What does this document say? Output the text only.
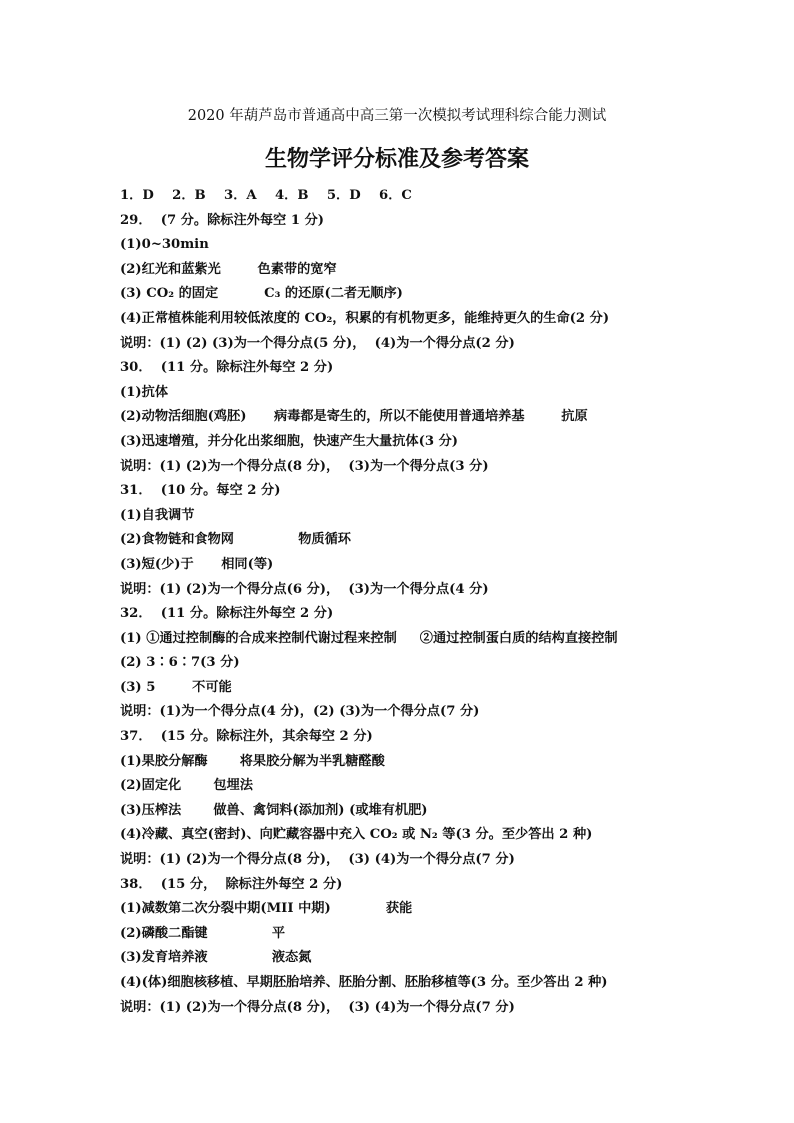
2020 年葫芦岛市普通高中高三第一次模拟考试理科综合能力测试
生物学评分标准及参考答案
1．D    2．B    3．A    4．B    5．D    6．C
29．  (7 分。除标注外每空 1 分)
(1)0~30min
(2)红光和蓝紫光        色素带的宽窄
(3) CO₂ 的固定          C₃ 的还原(二者无顺序)
(4)正常植株能利用较低浓度的 CO₂，积累的有机物更多，能维持更久的生命(2 分)
说明：(1) (2) (3)为一个得分点(5 分)，  (4)为一个得分点(2 分)
30．  (11 分。除标注外每空 2 分)
(1)抗体
(2)动物活细胞(鸡胚)      病毒都是寄生的，所以不能使用普通培养基        抗原
(3)迅速增殖，并分化出浆细胞，快速产生大量抗体(3 分)
说明：(1) (2)为一个得分点(8 分)，  (3)为一个得分点(3 分)
31．  (10 分。每空 2 分)
(1)自我调节
(2)食物链和食物网              物质循环
(3)短(少)于      相同(等)
说明：(1) (2)为一个得分点(6 分)，  (3)为一个得分点(4 分)
32．  (11 分。除标注外每空 2 分)
(1) ①通过控制酶的合成来控制代谢过程来控制     ②通过控制蛋白质的结构直接控制
(2) 3∶6∶7(3 分)
(3) 5        不可能
说明：(1)为一个得分点(4 分)，(2) (3)为一个得分点(7 分)
37．  (15 分。除标注外，其余每空 2 分)
(1)果胶分解酶       将果胶分解为半乳糖醛酸
(2)固定化       包埋法
(3)压榨法       做兽、禽饲料(添加剂) (或堆有机肥)
(4)冷藏、真空(密封)、向贮藏容器中充入 CO₂ 或 N₂ 等(3 分。至少答出 2 种)
说明：(1) (2)为一个得分点(8 分)，  (3) (4)为一个得分点(7 分)
38．  (15 分，  除标注外每空 2 分)
(1)减数第二次分裂中期(MII 中期)            获能
(2)磷酸二酯键              平
(3)发育培养液              液态氮
(4)(体)细胞核移植、早期胚胎培养、胚胎分割、胚胎移植等(3 分。至少答出 2 种)
说明：(1) (2)为一个得分点(8 分)，  (3) (4)为一个得分点(7 分)
